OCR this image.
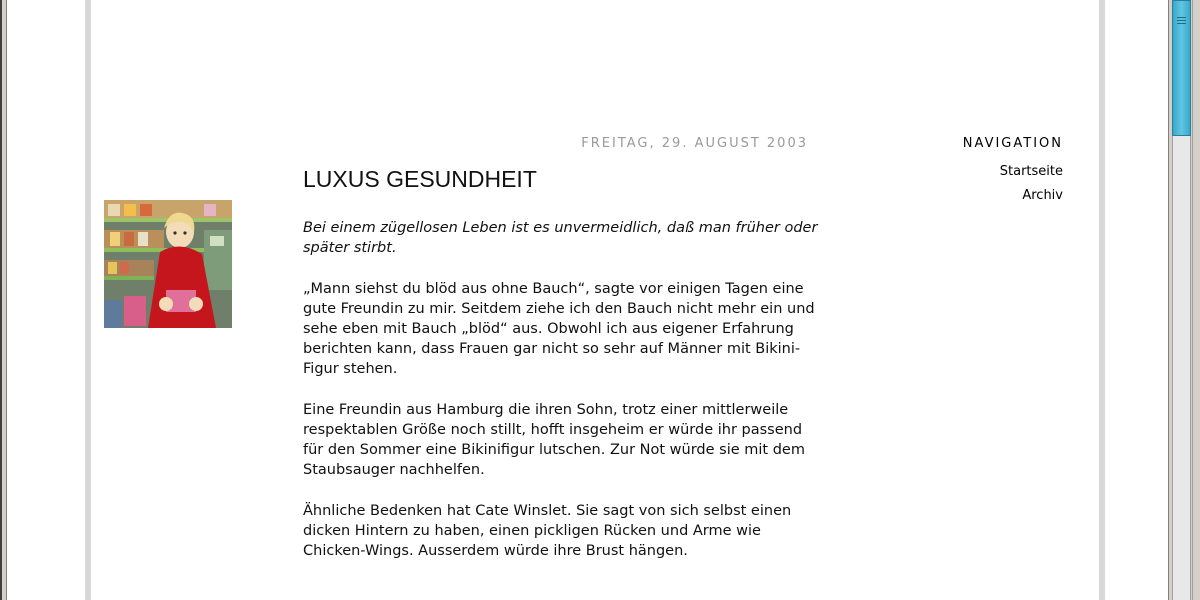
FREITAG, 29. AUGUST 2003
LUXUS GESUNDHEIT

Bei einem zügellosen Leben ist es unvermeidlich, daß man früher oder später stirbt.

„Mann siehst du blöd aus ohne Bauch“, sagte vor einigen Tagen eine gute Freundin zu mir. Seitdem ziehe ich den Bauch nicht mehr ein und sehe eben mit Bauch „blöd“ aus. Obwohl ich aus eigener Erfahrung berichten kann, dass Frauen gar nicht so sehr auf Männer mit Bikini-Figur stehen.

Eine Freundin aus Hamburg die ihren Sohn, trotz einer mittlerweile respektablen Größe noch stillt, hofft insgeheim er würde ihr passend für den Sommer eine Bikinifigur lutschen. Zur Not würde sie mit dem Staubsauger nachhelfen.

Ähnliche Bedenken hat Cate Winslet. Sie sagt von sich selbst einen dicken Hintern zu haben, einen pickligen Rücken und Arme wie Chicken-Wings. Ausserdem würde ihre Brust hängen.

NAVIGATION
Startseite
Archiv
